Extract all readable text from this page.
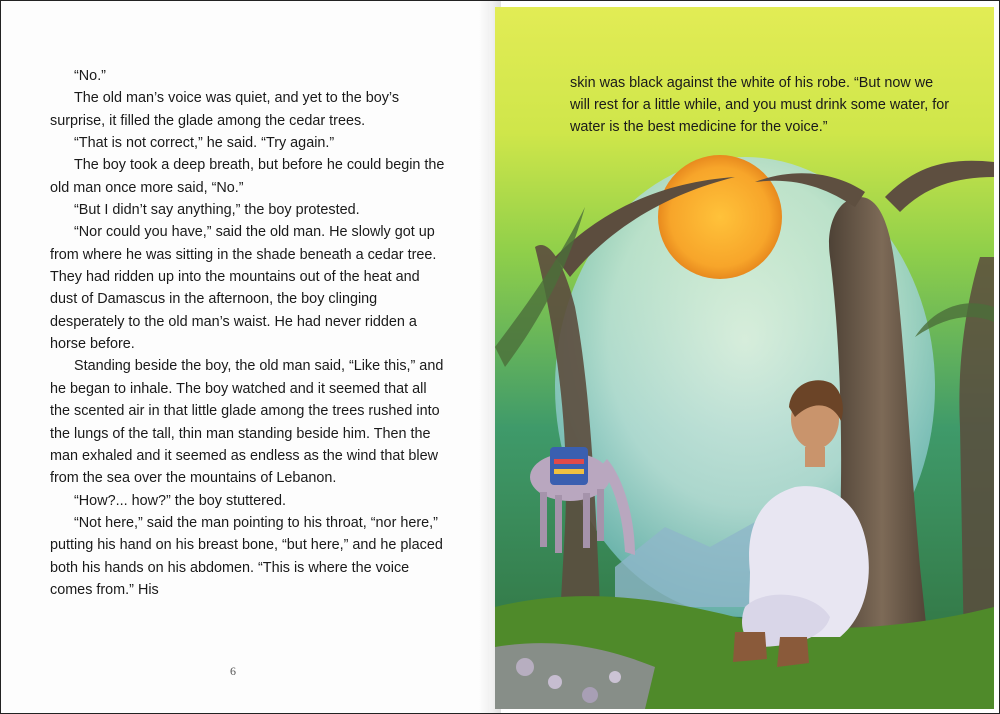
“No.”

The old man’s voice was quiet, and yet to the boy’s surprise, it filled the glade among the cedar trees.

“That is not correct,” he said. “Try again.”

The boy took a deep breath, but before he could begin the old man once more said, “No.”

“But I didn’t say anything,” the boy protested.

“Nor could you have,” said the old man. He slowly got up from where he was sitting in the shade beneath a cedar tree. They had ridden up into the mountains out of the heat and dust of Damascus in the afternoon, the boy clinging desperately to the old man’s waist. He had never ridden a horse before.

Standing beside the boy, the old man said, “Like this,” and he began to inhale. The boy watched and it seemed that all the scented air in that little glade among the trees rushed into the lungs of the tall, thin man standing beside him. Then the man exhaled and it seemed as endless as the wind that blew from the sea over the mountains of Lebanon.

“How?... how?” the boy stuttered.

“Not here,” said the man pointing to his throat, “nor here,” putting his hand on his breast bone, “but here,” and he placed both his hands on his abdomen. “This is where the voice comes from.” His

6

skin was black against the white of his robe. “But now we will rest for a little while, and you must drink some water, for water is the best medicine for the voice.”
